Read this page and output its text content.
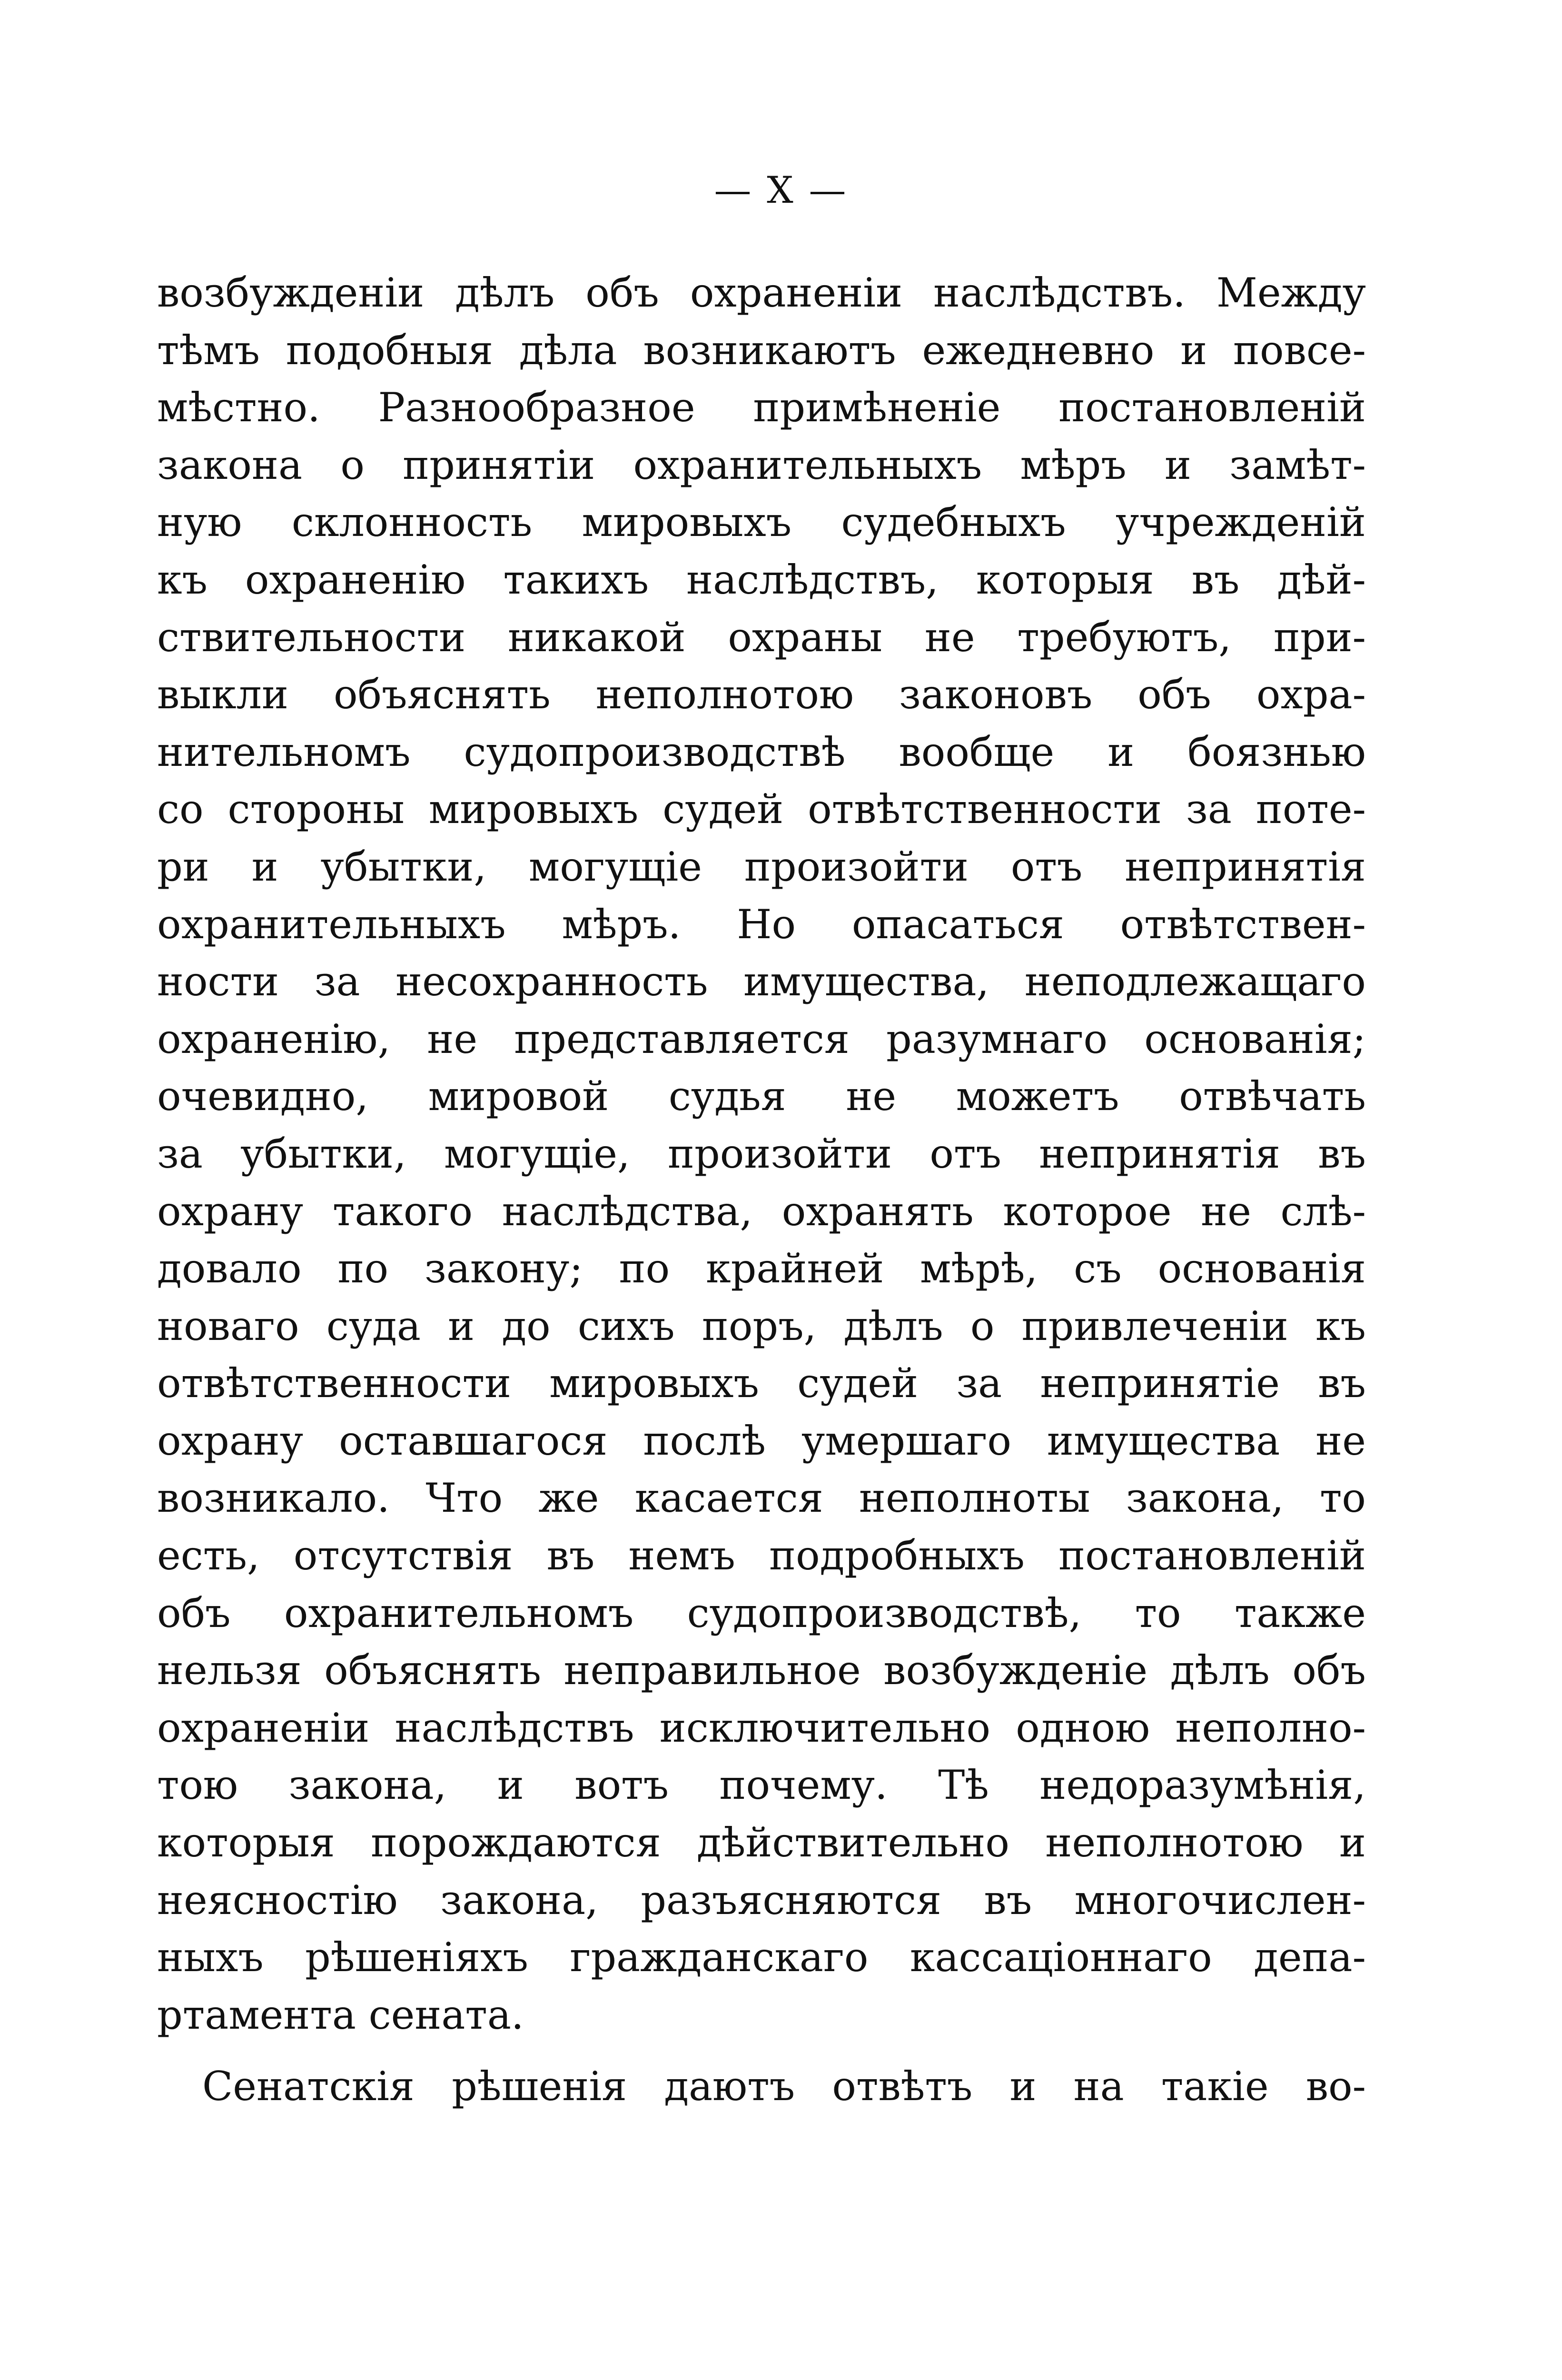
— X —
возбужденіи дѣлъ объ охраненіи наслѣдствъ. Между
тѣмъ подобныя дѣла возникаютъ ежедневно и повсе-
мѣстно. Разнообразное примѣненіе постановленій
закона о принятіи охранительныхъ мѣръ и замѣт-
ную склонность мировыхъ судебныхъ учрежденій
къ охраненію такихъ наслѣдствъ, которыя въ дѣй-
ствительности никакой охраны не требуютъ, при-
выкли объяснять неполнотою законовъ объ охра-
нительномъ судопроизводствѣ вообще и боязнью
со стороны мировыхъ судей отвѣтственности за поте-
ри и убытки, могущіе произойти отъ непринятія
охранительныхъ мѣръ. Но опасаться отвѣтствен-
ности за несохранность имущества, неподлежащаго
охраненію, не представляется разумнаго основанія;
очевидно, мировой судья не можетъ отвѣчать
за убытки, могущіе, произойти отъ непринятія въ
охрану такого наслѣдства, охранять которое не слѣ-
довало по закону; по крайней мѣрѣ, съ основанія
новаго суда и до сихъ поръ, дѣлъ о привлеченіи къ
отвѣтственности мировыхъ судей за непринятіе въ
охрану оставшагося послѣ умершаго имущества не
возникало. Что же касается неполноты закона, то
есть, отсутствія въ немъ подробныхъ постановленій
объ охранительномъ судопроизводствѣ, то также
нельзя объяснять неправильное возбужденіе дѣлъ объ
охраненіи наслѣдствъ исключительно одною неполно-
тою закона, и вотъ почему. Тѣ недоразумѣнія,
которыя порождаются дѣйствительно неполнотою и
неясностію закона, разъясняются въ многочислен-
ныхъ рѣшеніяхъ гражданскаго кассаціоннаго депа-
ртамента сената.
Сенатскія рѣшенія даютъ отвѣтъ и на такіе во-
